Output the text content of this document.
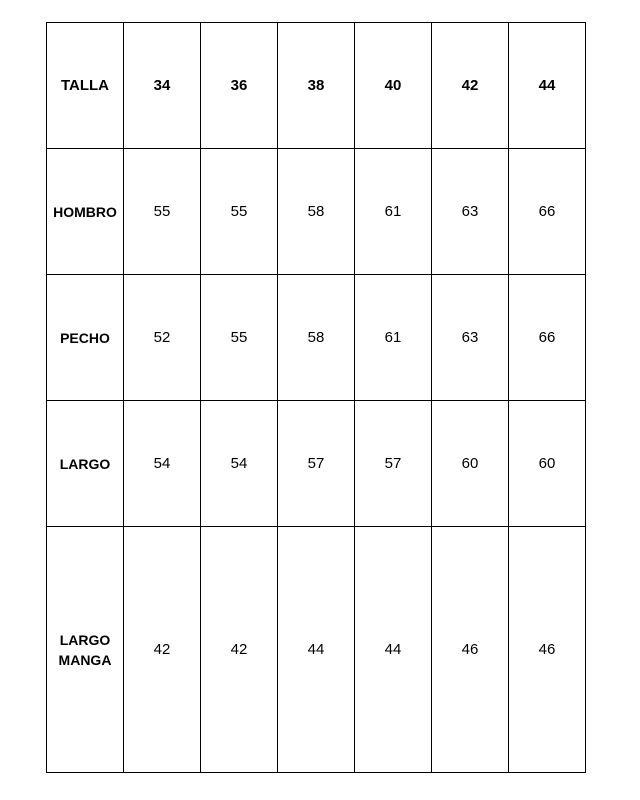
TALLA	34	36	38	40	42	44
HOMBRO	55	55	58	61	63	66
PECHO	52	55	58	61	63	66
LARGO	54	54	57	57	60	60
LARGO
MANGA	42	42	44	44	46	46
